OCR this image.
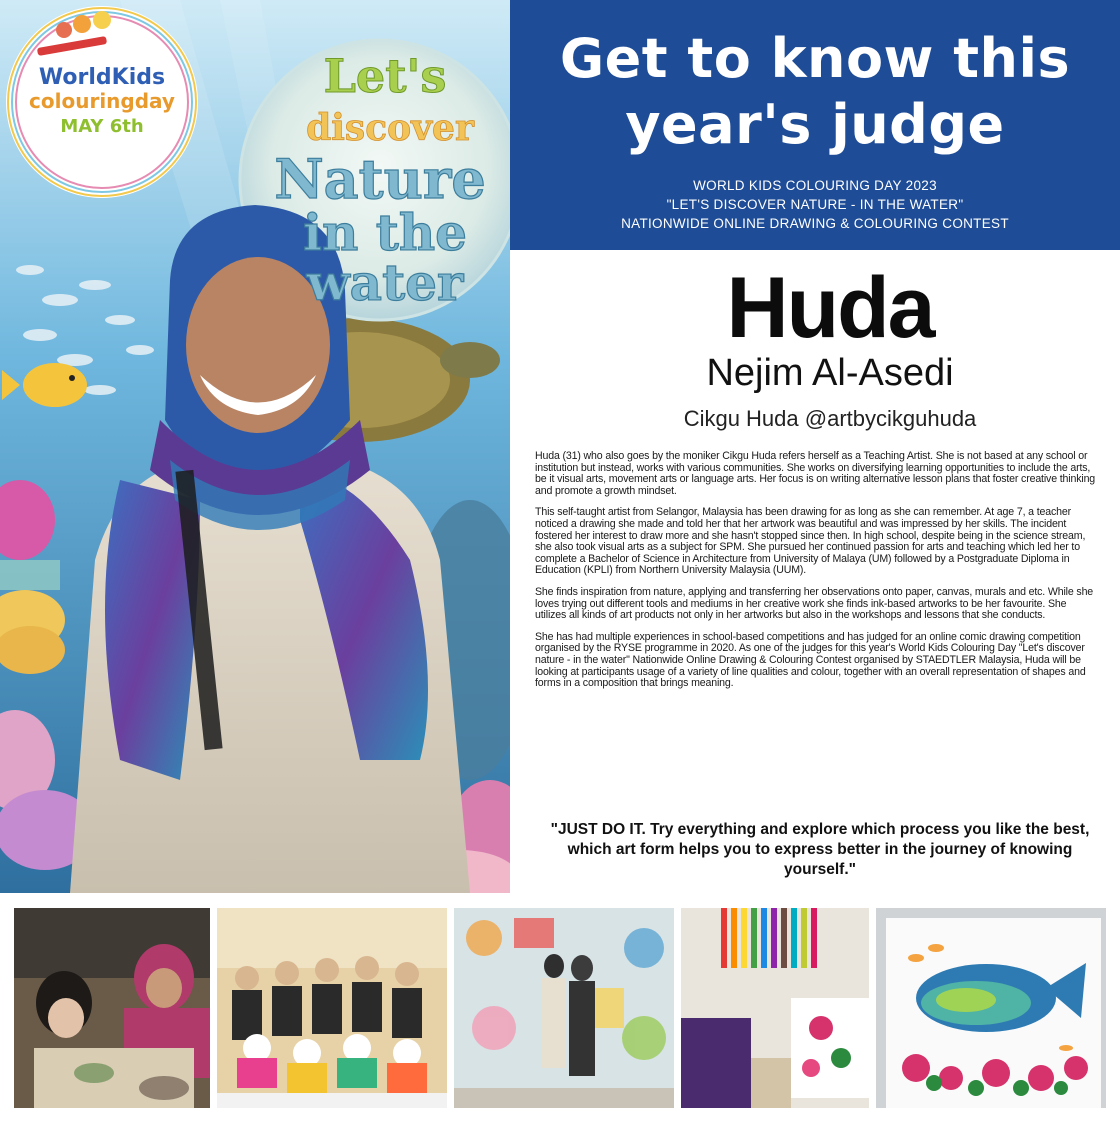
WorldKids
colouringday
MAY 6th
Let's
discover
Nature
in the
water
Get to know this
year's judge
WORLD KIDS COLOURING DAY 2023
"LET'S DISCOVER NATURE - IN THE WATER"
NATIONWIDE ONLINE DRAWING & COLOURING CONTEST
Huda
Nejim Al-Asedi
Cikgu Huda @artbycikguhuda

Huda (31) who also goes by the moniker Cikgu Huda refers herself as a Teaching Artist. She is not based at any school or institution but instead, works with various communities. She works on diversifying learning opportunities to include the arts, be it visual arts, movement arts or language arts. Her focus is on writing alternative lesson plans that foster creative thinking and promote a growth mindset.

This self-taught artist from Selangor, Malaysia has been drawing for as long as she can remember. At age 7, a teacher noticed a drawing she made and told her that her artwork was beautiful and was impressed by her skills. The incident fostered her interest to draw more and she hasn't stopped since then. In high school, despite being in the science stream, she also took visual arts as a subject for SPM. She pursued her continued passion for arts and teaching which led her to complete a Bachelor of Science in Architecture from University of Malaya (UM) followed by a Postgraduate Diploma in Education (KPLI) from Northern University Malaysia (UUM).

She finds inspiration from nature, applying and transferring her observations onto paper, canvas, murals and etc. While she loves trying out different tools and mediums in her creative work she finds ink-based artworks to be her favourite. She utilizes all kinds of art products not only in her artworks but also in the workshops and lessons that she conducts.

She has had multiple experiences in school-based competitions and has judged for an online comic drawing competition organised by the RYSE programme in 2020. As one of the judges for this year's World Kids Colouring Day "Let's discover nature - in the water" Nationwide Online Drawing & Colouring Contest organised by STAEDTLER Malaysia, Huda will be looking at participants usage of a variety of line qualities and colour, together with an overall representation of shapes and forms in a composition that brings meaning.

"JUST DO IT. Try everything and explore which process you like the best, which art form helps you to express better in the journey of knowing yourself."
